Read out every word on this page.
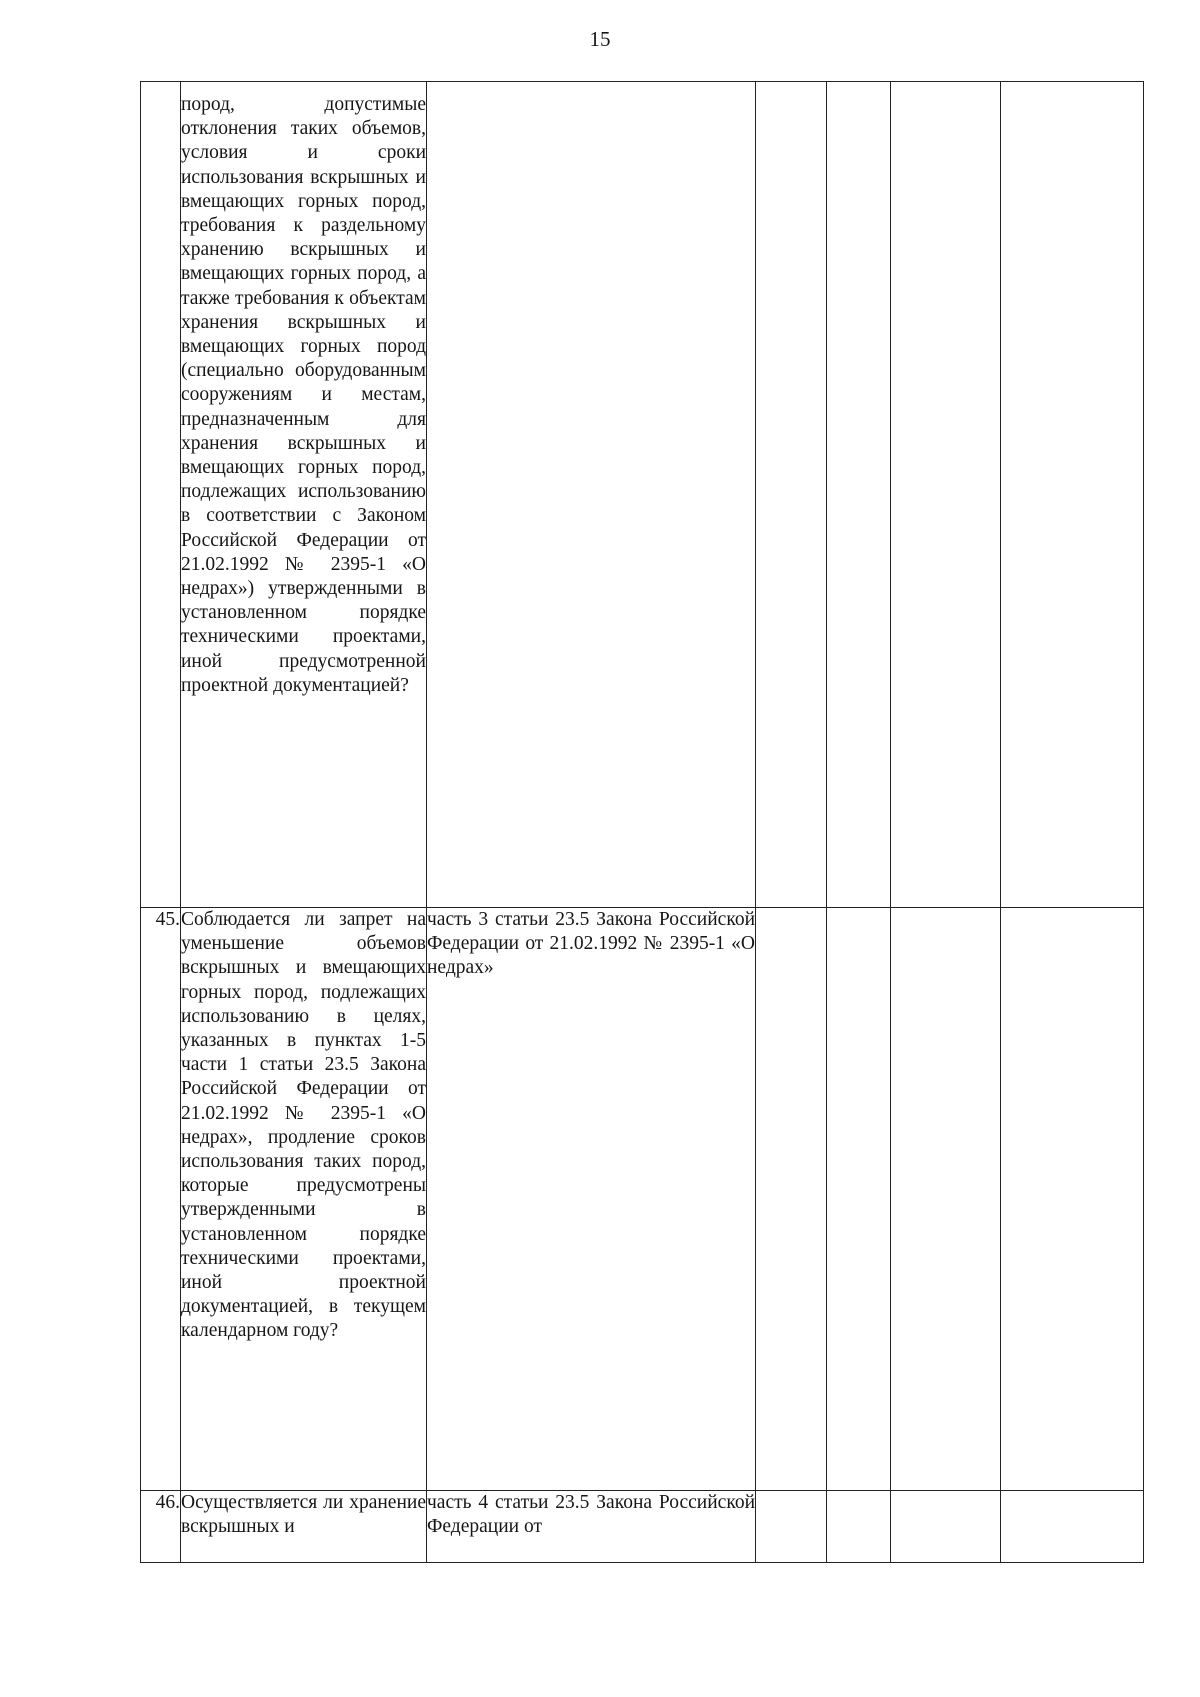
15

	пород, допустимые отклонения таких объемов, условия и сроки использования вскрышных и вмещающих горных пород, требования к раздельному хранению вскрышных и вмещающих горных пород, а также требования к объектам хранения вскрышных и вмещающих горных пород (специально оборудованным сооружениям и местам, предназначенным для хранения вскрышных и вмещающих горных пород, подлежащих использованию в соответствии с Законом Российской Федерации от 21.02.1992 № 2395-1 «О недрах») утвержденными в установленном порядке техническими проектами, иной предусмотренной проектной документацией?					

45.	Соблюдается ли запрет на уменьшение объемов вскрышных и вмещающих горных пород, подлежащих использованию в целях, указанных в пунктах 1-5 части 1 статьи 23.5 Закона Российской Федерации от 21.02.1992 № 2395-1 «О недрах», продление сроков использования таких пород, которые предусмотрены утвержденными в установленном порядке техническими проектами, иной проектной документацией, в текущем календарном году?	часть 3 статьи 23.5 Закона Российской Федерации от 21.02.1992 № 2395-1 «О недрах»				

46.	Осуществляется ли хранение вскрышных и	часть 4 статьи 23.5 Закона Российской Федерации от				
